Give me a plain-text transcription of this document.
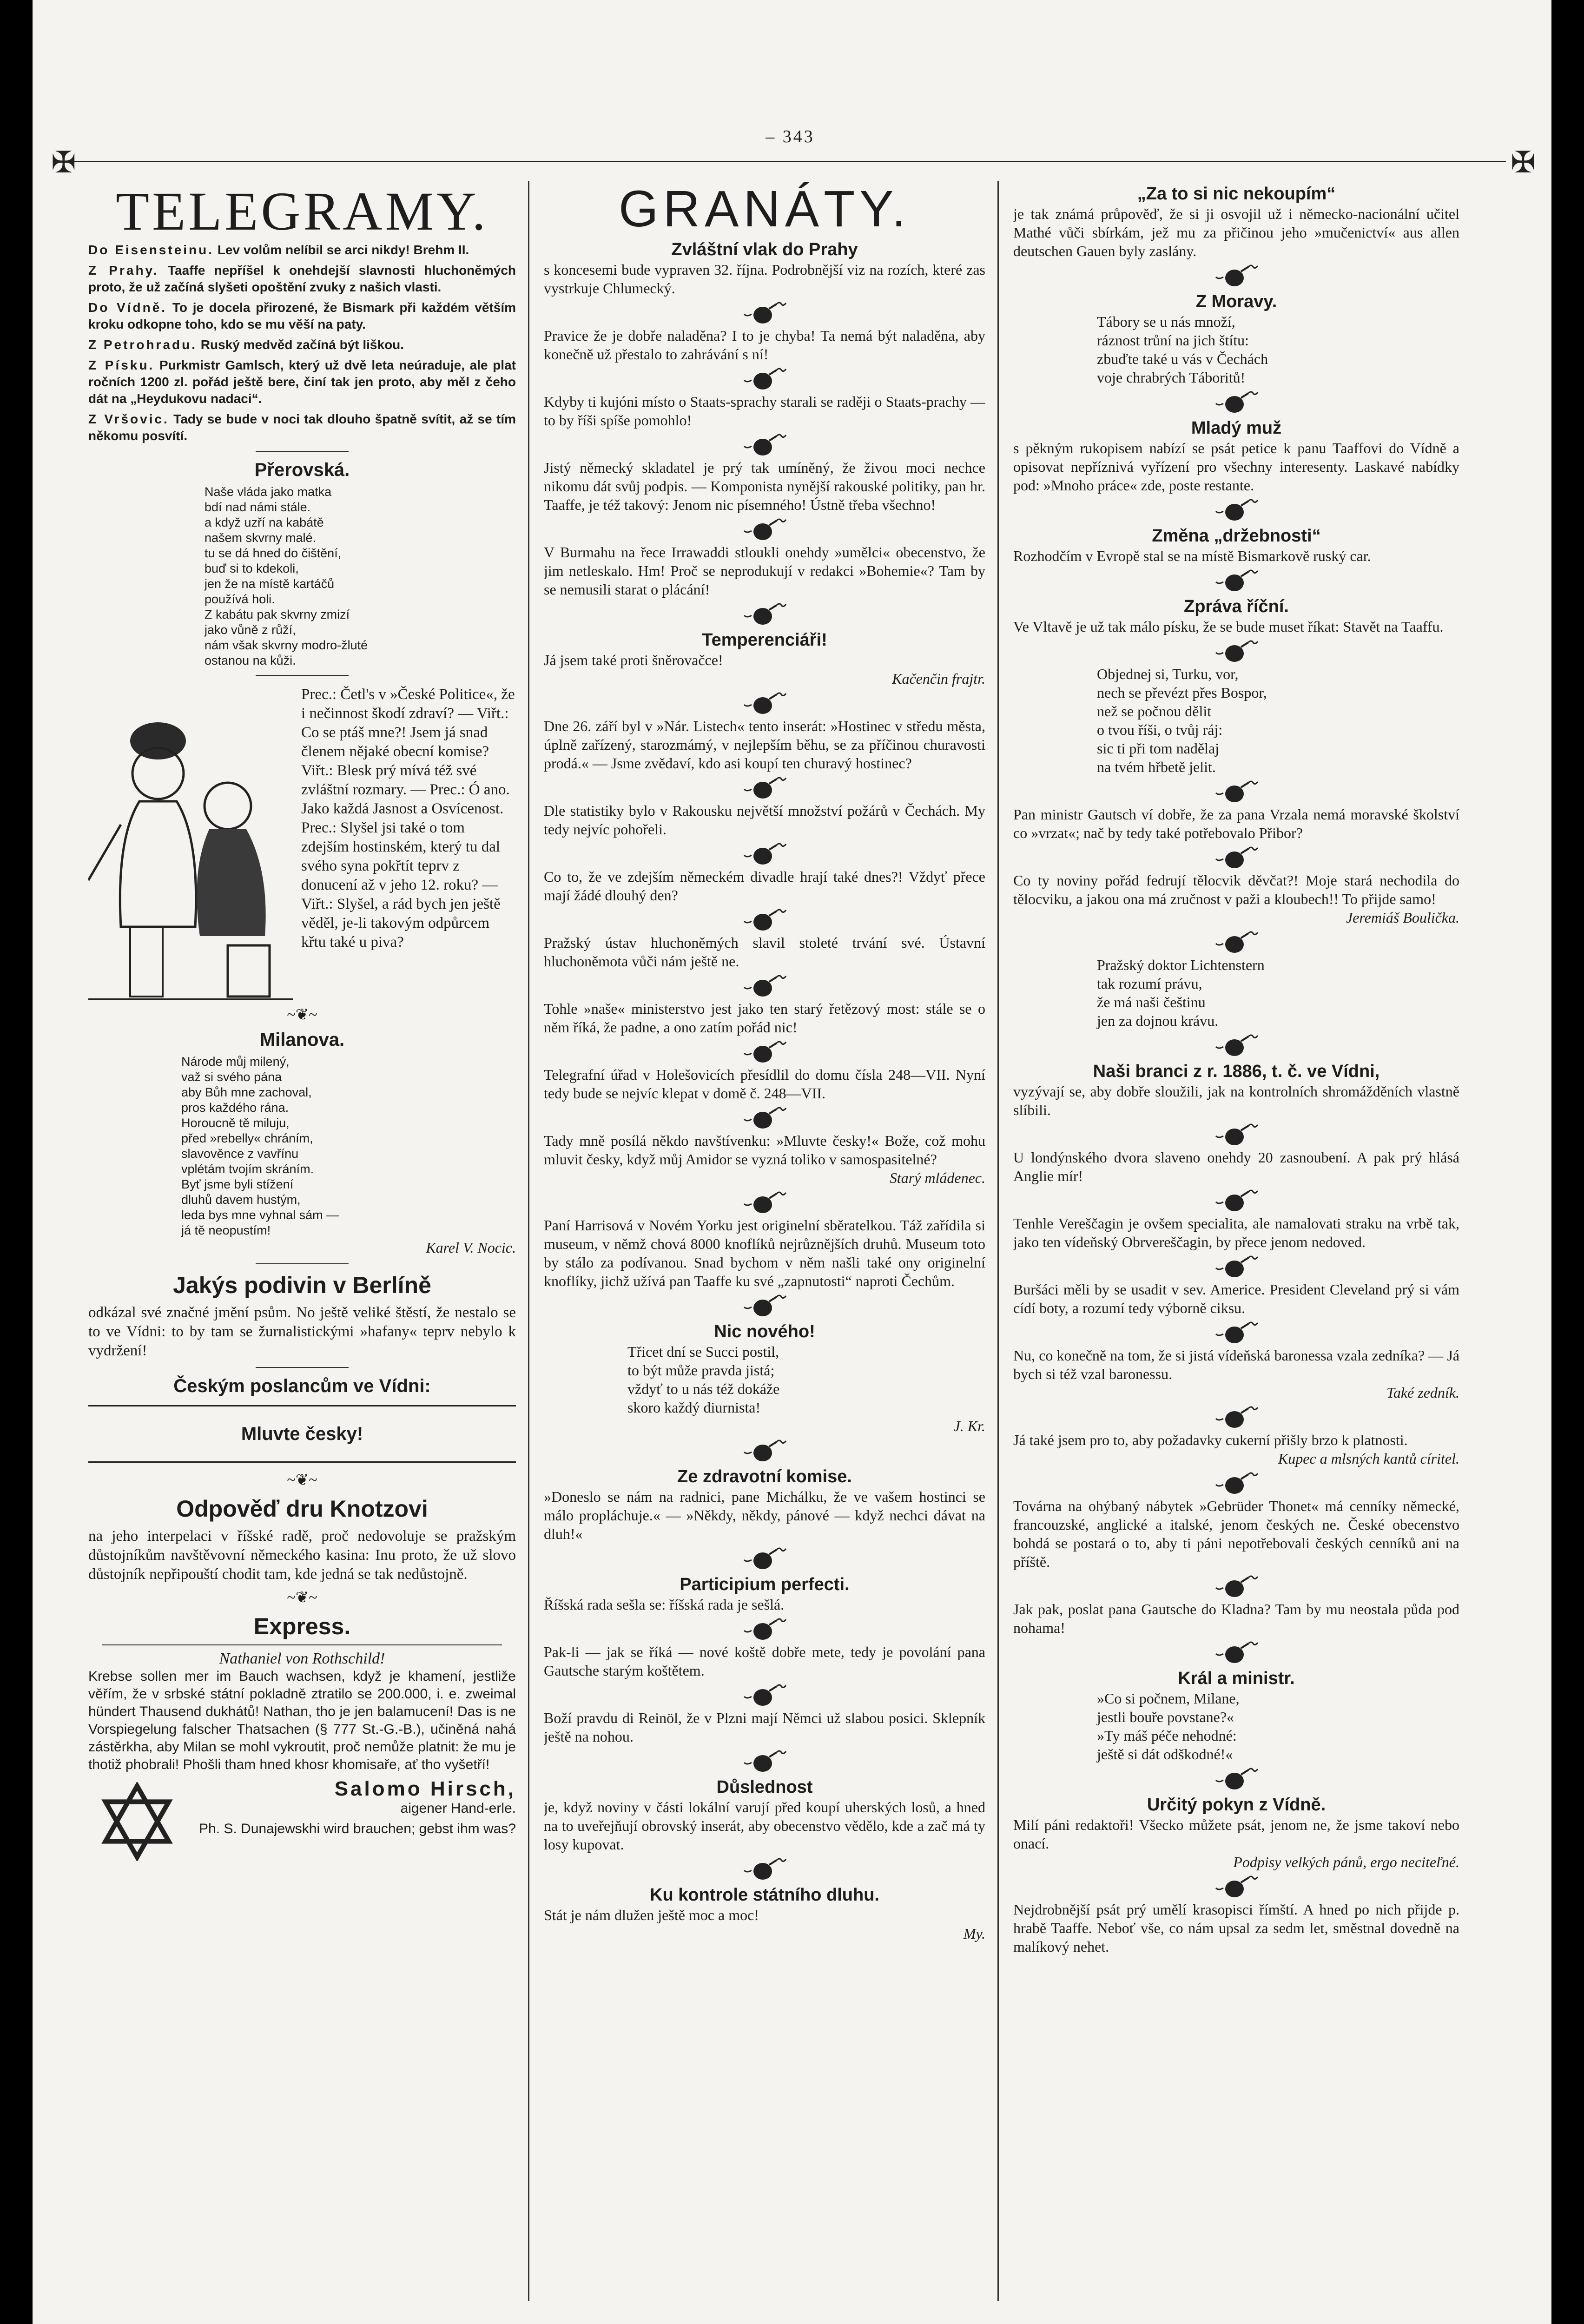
– 343
✠	✠
TELEGRAMY.

Do Eisensteinu. Lev volům nelíbil se arci nikdy! Brehm II.

Z Prahy. Taaffe nepříšel k onehdejší slavnosti hluchoněmých proto, že už začíná slyšeti opoštění zvuky z našich vlasti.

Do Vídně. To je docela přirozené, že Bismark při každém větším kroku odkopne toho, kdo se mu věší na paty.

Z Petrohradu. Ruský medvěd začíná být liškou.

Z Písku. Purkmistr Gamlsch, který už dvě leta neúraduje, ale plat ročních 1200 zl. pořád ještě bere, činí tak jen proto, aby měl z čeho dát na „Heydukovu nadaci“.

Z Vršovic. Tady se bude v noci tak dlouho špatně svítit, až se tím někomu posvítí.

Přerovská.
Naše vláda jako matka
bdí nad námi stále.
a když uzří na kabátě
našem skvrny malé.
tu se dá hned do čištění,
buď si to kdekoli,
jen že na místě kartáčů
používá holi.
Z kabátu pak skvrny zmizí
jako vůně z růží,
nám však skvrny modro-žluté
ostanou na kůži.
Prec.: Četl's v »České Politice«, že i nečinnost škodí zdraví? — Viřt.: Co se ptáš mne?! Jsem já snad členem nějaké obecní komise? Viřt.: Blesk prý mívá též své zvláštní rozmary. — Prec.: Ó ano. Jako každá Jasnost a Osvícenost. Prec.: Slyšel jsi také o tom zdejším hostinském, který tu dal svého syna pokřtít teprv z donucení až v jeho 12. roku? — Viřt.: Slyšel, a rád bych jen ještě věděl, je-li takovým odpůrcem křtu také u piva?
~❦~
Milanova.
Národe můj milený,
važ si svého pána
aby Bůh mne zachoval,
pros každého rána.
Horoucně tě miluju,
před »rebelly« chráním,
slavověnce z vavřínu
vplétám tvojím skráním.
Byť jsme byli stížení
dluhů davem hustým,
leda bys mne vyhnal sám —
já tě neopustím!
Karel V. Nocic.
Jakýs podivin v Berlíně

odkázal své značné jmění psům. No ještě veliké štěstí, že nestalo se to ve Vídni: to by tam se žurnalistickými »hafany« teprv nebylo k vydržení!

Českým poslancům ve Vídni:
Mluvte česky!
~❦~
Odpověď dru Knotzovi

na jeho interpelaci v říšské radě, proč nedovoluje se pražským důstojníkům navštěvovní německého kasina: Inu proto, že už slovo důstojník nepřipouští chodit tam, kde jedná se tak nedůstojně.

~❦~
Express.
Nathaniel von Rothschild!

Krebse sollen mer im Bauch wachsen, když je khamení, jestliže věřím, že v srbské státní pokladně ztratilo se 200.000, i. e. zweimal hündert Thausend dukhátů! Nathan, tho je jen balamucení! Das is ne Vorspiegelung falscher Thatsachen (§ 777 St.-G.-B.), učiněná nahá zástěrkha, aby Milan se mohl vykroutit, proč nemůže platnit: že mu je thotiž phobrali! Phošli tham hned khosr khomisaře, ať tho vyšetří!

Salomo Hirsch,
aigener Hand-erle.
Ph. S. Dunajewskhi wird brauchen; gebst ihm was?
GRANÁTY.
Zvláštní vlak do Prahy

s koncesemi bude vypraven 32. října. Podrobnější viz na rozích, které zas vystrkuje Chlumecký.

Pravice že je dobře naladěna? I to je chyba! Ta nemá být naladěna, aby konečně už přestalo to zahrávání s ní!

Kdyby ti kujóni místo o Staats-sprachy starali se raději o Staats-prachy — to by říši spíše pomohlo!

Jistý německý skladatel je prý tak umíněný, že živou moci nechce nikomu dát svůj podpis. — Komponista nynější rakouské politiky, pan hr. Taaffe, je též takový: Jenom nic písemného! Ústně třeba všechno!

V Burmahu na řece Irrawaddi stloukli onehdy »umělci« obecenstvo, že jim netleskalo. Hm! Proč se neprodukují v redakci »Bohemie«? Tam by se nemusili starat o plácání!

Temperenciáři!

Já jsem také proti šněrovačce!

Kačenčin frajtr.

Dne 26. září byl v »Nár. Listech« tento inserát: »Hostinec v středu města, úplně zařízený, starozmámý, v nejlepším běhu, se za příčinou churavosti prodá.« — Jsme zvědaví, kdo asi koupí ten churavý hostinec?

Dle statistiky bylo v Rakousku největší množství požárů v Čechách. My tedy nejvíc pohořeli.

Co to, že ve zdejším německém divadle hrají také dnes?! Vždyť přece mají žádé dlouhý den?

Pražský ústav hluchoněmých slavil stoleté trvání své. Ústavní hluchoněmota vůči nám ještě ne.

Tohle »naše« ministerstvo jest jako ten starý řetězový most: stále se o něm říká, že padne, a ono zatím pořád nic!

Telegrafní úřad v Holešovicích přesídlil do domu čísla 248—VII. Nyní tedy bude se nejvíc klepat v domě č. 248—VII.

Tady mně posílá někdo navštívenku: »Mluvte česky!« Bože, což mohu mluvit česky, když můj Amidor se vyzná toliko v samospasitelné?

Starý mládenec.

Paní Harrisová v Novém Yorku jest originelní sběratelkou. Táž zařídila si museum, v němž chová 8000 knoflíků nejrůznějších druhů. Museum toto by stálo za podívanou. Snad bychom v něm našli také ony originelní knoflíky, jichž užívá pan Taaffe ku své „zapnutosti“ naproti Čechům.

Nic nového!
Třicet dní se Succi postil,
to být může pravda jistá;
vždyť to u nás též dokáže
skoro každý diurnista!
J. Kr.
Ze zdravotní komise.

»Doneslo se nám na radnici, pane Michálku, že ve vašem hostinci se málo propláchuje.« — »Někdy, někdy, pánové — když nechci dávat na dluh!«

Participium perfecti.

Říšská rada sešla se: říšská rada je sešlá.

Pak-li — jak se říká — nové koště dobře mete, tedy je povolání pana Gautsche starým koštětem.

Boží pravdu di Reinöl, že v Plzni mají Němci už slabou posici. Sklepník ještě na nohou.

Důslednost

je, když noviny v části lokální varují před koupí uherských losů, a hned na to uveřejňují obrovský inserát, aby obecenstvo vědělo, kde a zač má ty losy kupovat.

Ku kontrole státního dluhu.

Stát je nám dlužen ještě moc a moc!

My.
„Za to si nic nekoupím“

je tak známá průpověď, že si ji osvojil už i německo-nacionální učitel Mathé vůči sbírkám, jež mu za přičinou jeho »mučenictví« aus allen deutschen Gauen byly zaslány.

Z Moravy.
Tábory se u nás množí,
ráznost trůní na jich štítu:
zbuďte také u vás v Čechách
voje chrabrých Táboritů!
Mladý muž

s pěkným rukopisem nabízí se psát petice k panu Taaffovi do Vídně a opisovat nepříznivá vyřízení pro všechny interesenty. Laskavé nabídky pod: »Mnoho práce« zde, poste restante.

Změna „držebnosti“

Rozhodčím v Evropě stal se na místě Bismarkově ruský car.

Zpráva říční.

Ve Vltavě je už tak málo písku, že se bude muset říkat: Stavět na Taaffu.

Objednej si, Turku, vor,
nech se převézt přes Bospor,
než se počnou dělit
o tvou říši, o tvůj ráj:
sic ti při tom nadělaj
na tvém hřbetě jelit.

Pan ministr Gautsch ví dobře, že za pana Vrzala nemá moravské školství co »vrzat«; nač by tedy také potřebovalo Přibor?

Co ty noviny pořád fedrují tělocvik děvčat?! Moje stará nechodila do tělocviku, a jakou ona má zručnost v paži a kloubech!! To přijde samo!

Jeremiáš Boulička.
Pražský doktor Lichtenstern
tak rozumí právu,
že má naši češtinu
jen za dojnou krávu.
Naši branci z r. 1886, t. č. ve Vídni,

vyzývají se, aby dobře sloužili, jak na kontrolních shromážděních vlastně slíbili.

U londýnského dvora slaveno onehdy 20 zasnoubení. A pak prý hlásá Anglie mír!

Tenhle Vereščagin je ovšem specialita, ale namalovati straku na vrbě tak, jako ten vídeňský Obrvereščagin, by přece jenom nedoved.

Buršáci měli by se usadit v sev. Americe. President Cleveland prý si vám cídí boty, a rozumí tedy výborně ciksu.

Nu, co konečně na tom, že si jistá vídeňská baronessa vzala zedníka? — Já bych si též vzal baronessu.

Také zedník.

Já také jsem pro to, aby požadavky cukerní přišly brzo k platnosti.

Kupec a mlsných kantů círitel.

Továrna na ohýbaný nábytek »Gebrüder Thonet« má cenníky německé, francouzské, anglické a italské, jenom českých ne. České obecenstvo bohdá se postará o to, aby ti páni nepotřebovali českých cenníků ani na příště.

Jak pak, poslat pana Gautsche do Kladna? Tam by mu neostala půda pod nohama!

Král a ministr.
»Co si počnem, Milane,
jestli bouře povstane?«
»Ty máš péče nehodné:
ještě si dát odškodné!«
Určitý pokyn z Vídně.

Milí páni redaktoři! Všecko můžete psát, jenom ne, že jsme takoví nebo onací.

Podpisy velkých pánů, ergo neciteľné.

Nejdrobnější psát prý umělí krasopisci římští. A hned po nich přijde p. hrabě Taaffe. Neboť vše, co nám upsal za sedm let, směstnal dovedně na malíkový nehet.
